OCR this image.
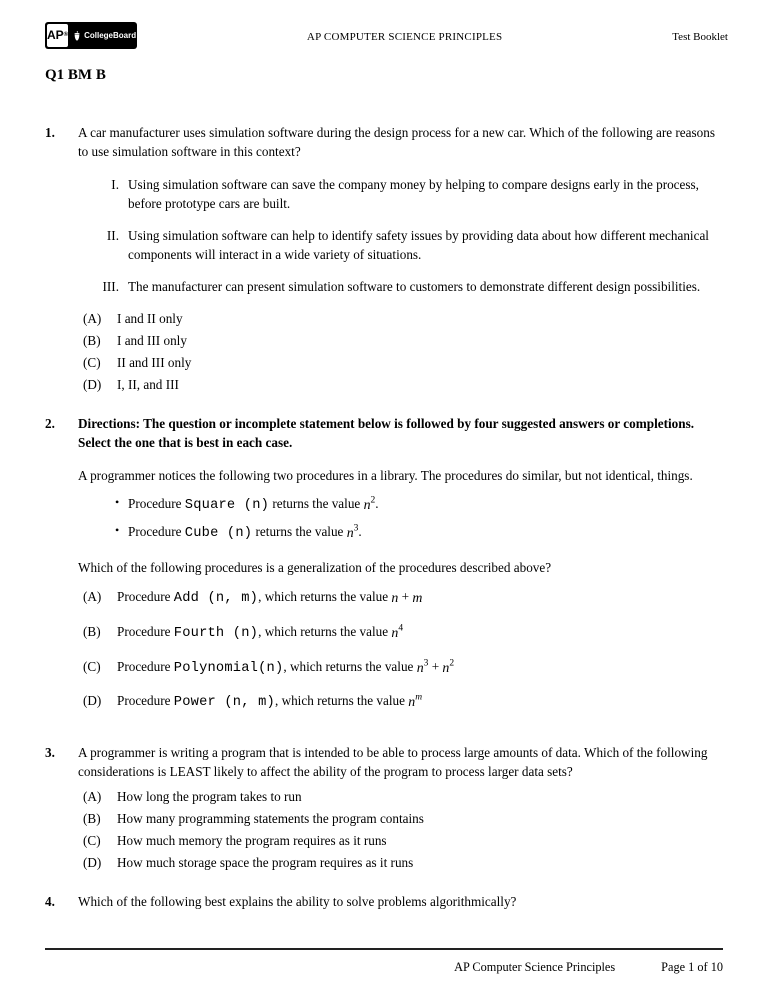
AP ® CollegeBoard	AP COMPUTER SCIENCE PRINCIPLES	Test Booklet
Q1 BM B
1.	A car manufacturer uses simulation software during the design process for a new car. Which of the following are reasons to use simulation software in this context?

I. Using simulation software can save the company money by helping to compare designs early in the process, before prototype cars are built.
II. Using simulation software can help to identify safety issues by providing data about how different mechanical components will interact in a wide variety of situations.
III. The manufacturer can present simulation software to customers to demonstrate different design possibilities.
(A)	I and II only
(B)	I and III only
(C)	II and III only
(D)	I, II, and III
2.	Directions: The question or incomplete statement below is followed by four suggested answers or completions. Select the one that is best in each case.

A programmer notices the following two procedures in a library. The procedures do similar, but not identical, things.

• Procedure Square (n) returns the value $n^2$.
• Procedure Cube (n) returns the value $n^3$.

Which of the following procedures is a generalization of the procedures described above?

(A)	Procedure Add (n, m), which returns the value n + m
(B)	Procedure Fourth (n), which returns the value $n^4$
(C)	Procedure Polynomial(n), which returns the value $n^3 + n^2$
(D)	Procedure Power (n, m), which returns the value $n^m$
3.	A programmer is writing a program that is intended to be able to process large amounts of data. Which of the following considerations is LEAST likely to affect the ability of the program to process larger data sets?

(A)	How long the program takes to run
(B)	How many programming statements the program contains
(C)	How much memory the program requires as it runs
(D)	How much storage space the program requires as it runs
4.	Which of the following best explains the ability to solve problems algorithmically?

AP Computer Science Principles	Page 1 of 10
